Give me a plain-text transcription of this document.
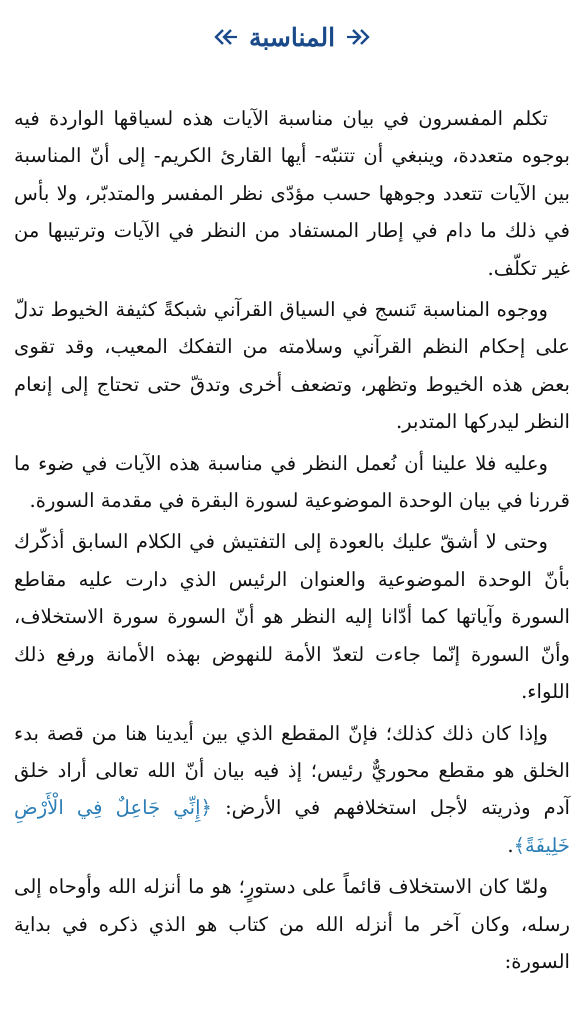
المناسبة

تكلم المفسرون في بيان مناسبة الآيات هذه لسياقها الواردة فيه بوجوه متعددة، وينبغي أن تتنبّه- أيها القارئ الكريم- إلى أنّ المناسبة بين الآيات تتعدد وجوهها حسب مؤدّى نظر المفسر والمتدبّر، ولا بأس في ذلك ما دام في إطار المستفاد من النظر في الآيات وترتيبها من غير تكلّف.

ووجوه المناسبة تَنسج في السياق القرآني شبكةً كثيفة الخيوط تدلّ على إحكام النظم القرآني وسلامته من التفكك المعيب، وقد تقوى بعض هذه الخيوط وتظهر، وتضعف أخرى وتدقّ حتى تحتاج إلى إنعام النظر ليدركها المتدبر.

وعليه فلا علينا أن نُعمل النظر في مناسبة هذه الآيات في ضوء ما قررنا في بيان الوحدة الموضوعية لسورة البقرة في مقدمة السورة.

وحتى لا أشقّ عليك بالعودة إلى التفتيش في الكلام السابق أذكّرك بأنّ الوحدة الموضوعية والعنوان الرئيس الذي دارت عليه مقاطع السورة وآياتها كما أدّانا إليه النظر هو أنّ السورة سورة الاستخلاف، وأنّ السورة إنّما جاءت لتعدّ الأمة للنهوض بهذه الأمانة ورفع ذلك اللواء.

وإذا كان ذلك كذلك؛ فإنّ المقطع الذي بين أيدينا هنا من قصة بدء الخلق هو مقطع محوريٌّ رئيس؛ إذ فيه بيان أنّ الله تعالى أراد خلق آدم وذريته لأجل استخلافهم في الأرض: ﴿إِنِّي جَاعِلٌ فِي الْأَرْضِ خَلِيفَةً﴾.

ولمّا كان الاستخلاف قائماً على دستورٍ؛ هو ما أنزله الله وأوحاه إلى رسله، وكان آخر ما أنزله الله من كتاب هو الذي ذكره في بداية السورة:
